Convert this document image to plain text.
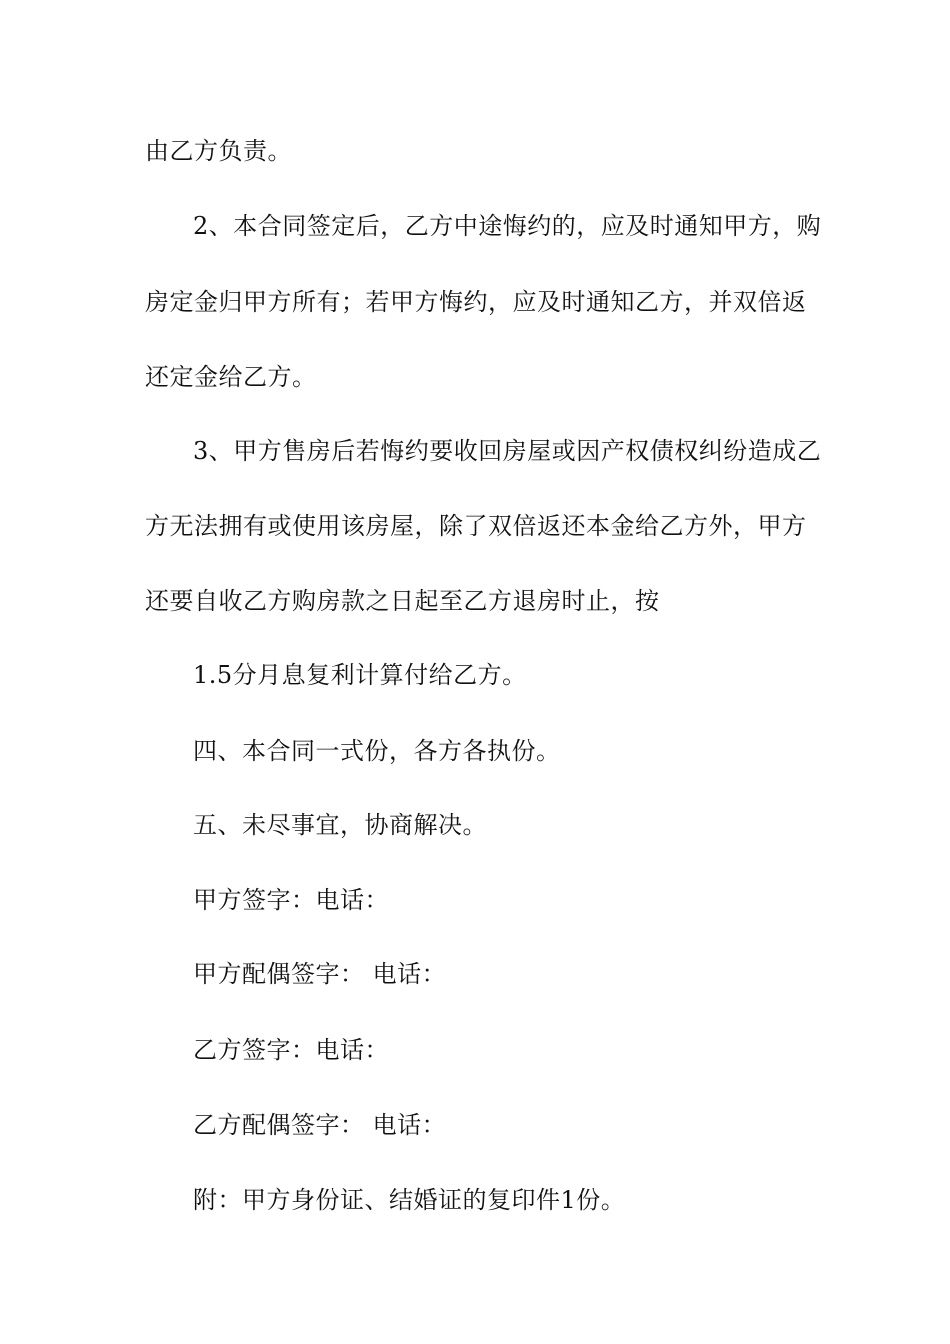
由乙方负责。
2、本合同签定后，乙方中途悔约的，应及时通知甲方，购
房定金归甲方所有；若甲方悔约，应及时通知乙方，并双倍返
还定金给乙方。
3、甲方售房后若悔约要收回房屋或因产权债权纠纷造成乙
方无法拥有或使用该房屋，除了双倍返还本金给乙方外，甲方
还要自收乙方购房款之日起至乙方退房时止，按
1.5分月息复利计算付给乙方。
四、本合同一式份，各方各执份。
五、未尽事宜，协商解决。
甲方签字：电话：
甲方配偶签字： 电话：
乙方签字：电话：
乙方配偶签字： 电话：
附：甲方身份证、结婚证的复印件1份。
